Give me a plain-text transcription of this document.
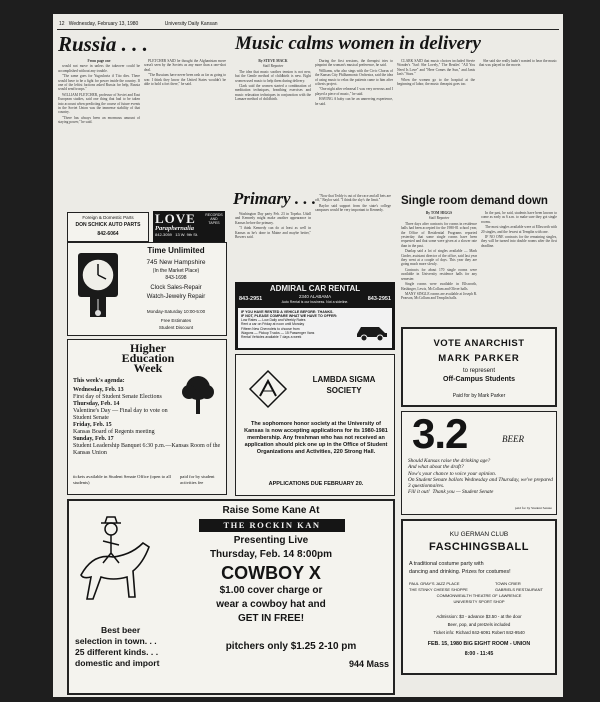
12 Wednesday, February 13, 1980	University Daily Kansan
Russia . . .

From page one

would not move in unless the takeover could be accomplished without any trouble.

"The same goes for Yugoslavia if Tito dies. There would have to be a fight for power inside the country. If one of the leftist factions asked Russia for help, Russia would send troops."

WILLIAM FLETCHER, professor of Soviet and East European studies, said one thing that had to be taken into account when predicting the course of future events in the Soviet Union was the immense stability of that country.

"There has always been an enormous amount of staying power," he said.

PLETCHER SAID he thought the Afghanistan move wasn't seen by the Soviets as any more than a one-shot deal.

"The Russians have never been rash as far as going to war. I think they know the United States wouldn't be able to hold a fort there," he said.

Foreign & Domestic Parts
DON SCHICK AUTO PARTS
842-6064
LOVE	RECORDS AND TAPES
Paraphernalia
842-3059 13 W. 9th St.
Time Unlimited
745 New Hampshire
(In the Market Place)
843-1698
Clock Sales-Repair
Watch-Jewelry Repair
Monday-Saturday 10:00-5:00
Free Estimates
Student Discount
Higher
Education
Week
This week's agenda:
Wednesday, Feb. 13
First day of Student Senate Elections
Thursday, Feb. 14
Valentine's Day — Final day to vote on Student Senate
Friday, Feb. 15
Kansas Board of Regents meeting
Sunday, Feb. 17
Student Leadership Banquet 6:30 p.m.—Kansas Room of the Kansas Union
tickets available in Student Senate Office (open to all students)
paid for by student activities fee
Music calms women in delivery

By STEVE MACK

Staff Reporter

The idea that music soothes tension is not new, but the Gentle method of childbirth is new. Eight women used music to help them during delivery.

Clark said the women started a combination of meditation techniques, breathing exercises and music relaxation techniques in conjunction with the Lamaze method of childbirth.

During the first sessions, the therapist tries to pinpoint the woman's musical preference, he said.

Williams, who also sings with the Civic Chorus of the Kansas City Philharmonic Orchestra, said the idea of using music to relax the patients came to him after a thesis project.

"One night after rehearsal I was very nervous and I played a piece of music," he said.

HAVING A baby can be an unnerving experience, he said.

CLARK SAID that music choices included Stevie Wonder's "Isn't She Lovely," The Beatles' "All You Need Is Love" and "Here Comes the Sun," and Janis Ian's "Stars."

When the women go to the hospital at the beginning of labor, the music therapist goes too.

She said she really hadn't wanted to hear the music that was played in the movie.

Primary . . .

Washington Day party Feb. 23 in Topeka. Udall and Kennedy might make another appearance in Kansas before the primary.

"I think Kennedy can do at least as well in Kansas as he's done in Maine and maybe better," Bowers said.

"Now that Teddy is out of the race and all bets are off," Baylor said. "I think the sky's the limit."

Baylor said support from the state's college campuses would be very important to Kennedy.

ADMIRAL CAR RENTAL
843-2951	2340 ALABAMA
Auto Rental is our business. Not a sideline.	843-2951
IF YOU HAVE RENTED A VEHICLE BEFORE: THANKS.
IF NOT, PLEASE COMPARE WHAT WE HAVE TO OFFER:
Low Rates — Low Daily and Weekly Rates
Rent a car on Friday at noon until Monday
Fifteen New Chevrolets to choose from
Wagons — Pickup Trucks — 15 Passenger Vans
Rental Vehicles available 7 days a week
LAMBDA SIGMA
SOCIETY
The sophomore honor society at the University of Kansas is now accepting applications for its 1980-1981 membership. Any freshman who has not received an application should pick one up in the Office of Student Organizations and Activities, 220 Strong Hall.
APPLICATIONS DUE FEBRUARY 20.
Single room demand down

By TOM HIGGS

Staff Reporter

Three days after contracts for rooms in residence halls had been accepted for the 1980-81 school year, the Office of Residential Programs reported yesterday that some single rooms have been requested and that some were given at a slower rate than in the past.

Dunlap said a lot of singles available — Mark Cinder, assistant director of the office, said last year they went at a couple of days. This year they are going much more slowly.

Contracts for about 170 single rooms were available in University residence halls for any semester.

Single rooms were available in Ellsworth, Hashinger, Lewis, McCollum and Oliver halls.

MANY SINGLE rooms are available at Joseph R. Pearson, McCollum and Templin halls.

In the past, he said, students have been known to come as early as 6 a.m. to make sure they got single rooms.

The most singles available were at Ellsworth with 20 singles, and the fewest at Templin with one.

IF NO ONE contracts for the remaining singles, they will be turned into double rooms after the first deadline.

VOTE ANARCHIST
MARK PARKER
to represent
Off-Campus Students
Paid for by Mark Parker
3.2	BEER
Should Kansas raise the drinking age?
And what about the draft?
Now's your chance to voice your opinion.
On Student Senate ballots Wednesday and Thursday, we've prepared 3 questionnaires.
Fill it out! Thank you — Student Senate
paid for by Student Senate
Raise Some Kane At
THE ROCKIN KAN
Presenting Live
Thursday, Feb. 14 8:00pm
COWBOY X
$1.00 cover charge or
wear a cowboy hat and
GET IN FREE!
Best beer
selection in town. . .
25 different kinds. . .
domestic and import
pitchers only $1.25 2-10 pm
944 Mass
KU GERMAN CLUB
FASCHINGSBALL
A traditional costume party with
dancing and drinking. Prizes for costumes!
PAUL GRAY'S JAZZ PLACE
THE STINKY CHEESE SHOPPE
TOWN CRIER
GABRIELS RESTAURANT
COMMONWEALTH THEATRE OF LAWRENCE
UNIVERSITY SPORT SHOP
Admission: $3 - advance $3.50 - at the door
Beer, pop, and pretzels included
Ticket info: Richard 842-6091 Robert 842-9540
FEB. 15, 1980 BIG EIGHT ROOM - UNION
8:00 - 11:45
